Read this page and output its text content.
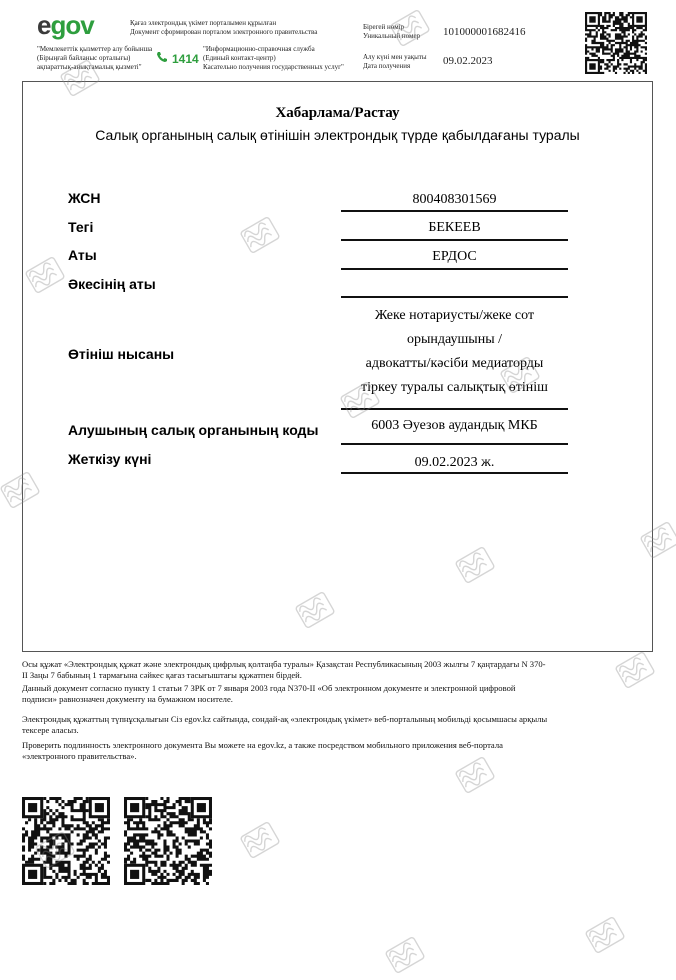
egov	Қағаз электрондық үкімет порталымен құрылған
Документ сформирован порталом электронного правительства
"Мемлекеттік қызметтер алу бойынша
(Бірыңғай байланыс орталығы)
ақпараттық-анықтамалық қызметі"
1414
"Информационно-справочная служба
(Единый контакт-центр)
Касательно получения государственных услуг"
Бірегей нөмір
Уникальный номер 101000001682416
Алу күні мен уақыты
Дата получения	09.02.2023
Хабарлама/Растау
Салық органының салық өтінішін электрондық түрде қабылдағаны туралы
ЖСН	800408301569
Тегі	БЕКЕЕВ
Аты	ЕРДОС
Әкесінің аты
Өтініш нысаны
Жеке нотариусты/жеке сот
орындаушыны /
адвокатты/кәсіби медиаторды
тіркеу туралы салықтық өтініш
Алушының салық органының коды	6003 Әуезов аудандық МКБ
Жеткізу күні	09.02.2023 ж.
Осы құжат «Электрондық құжат және электрондық цифрлық қолтаңба туралы» Қазақстан Республикасының 2003 жылғы 7 қаңтардағы N 370-
II Заңы 7 бабының 1 тармағына сәйкес қағаз тасығыштағы құжатпен бірдей.
Данный документ согласно пункту 1 статьи 7 ЗРК от 7 января 2003 года N370-II «Об электронном документе и электронной цифровой
подписи» равнозначен документу на бумажном носителе.
Электрондық құжаттың түпнұсқалығын Сіз egov.kz сайтында, сондай-ақ «электрондық үкімет» веб-порталының мобильді қосымшасы арқылы
тексере аласыз.
Проверить подлинность электронного документа Вы можете на egov.kz, а также посредством мобильного приложения веб-портала
«электронного правительства».
